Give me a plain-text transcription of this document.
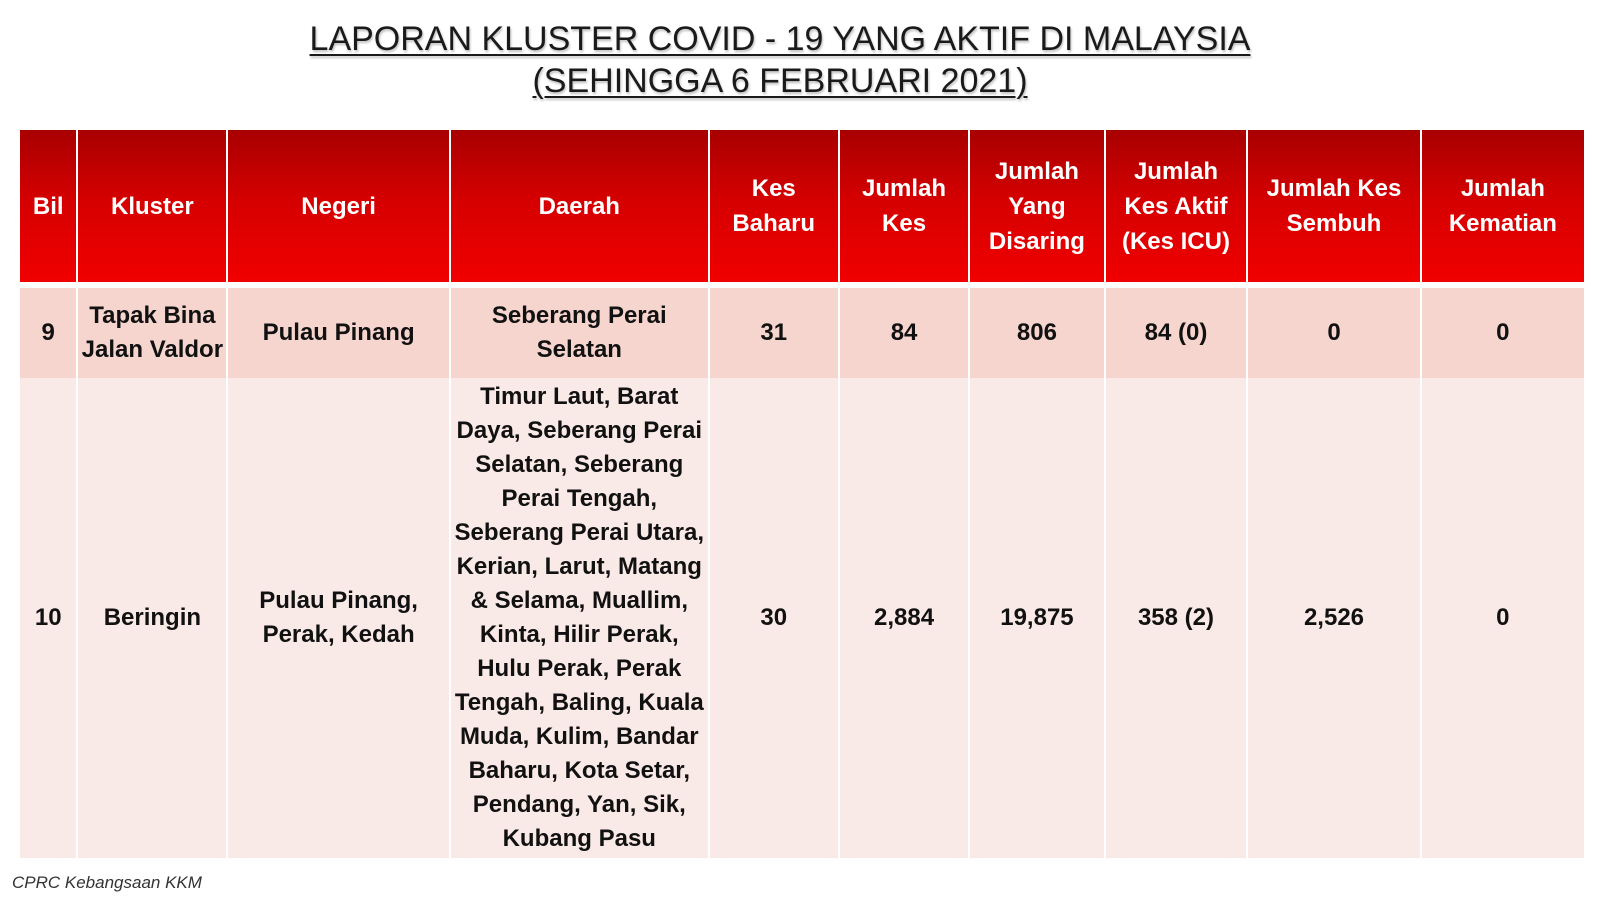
LAPORAN KLUSTER COVID - 19 YANG AKTIF DI MALAYSIA
(SEHINGGA 6 FEBRUARI 2021)
Bil	Kluster	Negeri	Daerah	Kes Baharu	Jumlah Kes	Jumlah Yang Disaring	Jumlah Kes Aktif (Kes ICU)	Jumlah Kes Sembuh	Jumlah Kematian
9	Tapak Bina Jalan Valdor	Pulau Pinang	Seberang Perai Selatan	31	84	806	84 (0)	0	0
10	Beringin	Pulau Pinang, Perak, Kedah	Timur Laut, Barat Daya, Seberang Perai Selatan, Seberang Perai Tengah, Seberang Perai Utara, Kerian, Larut, Matang & Selama, Muallim, Kinta, Hilir Perak, Hulu Perak, Perak Tengah, Baling, Kuala Muda, Kulim, Bandar Baharu, Kota Setar, Pendang, Yan, Sik, Kubang Pasu	30	2,884	19,875	358 (2)	2,526	0
CPRC Kebangsaan KKM
